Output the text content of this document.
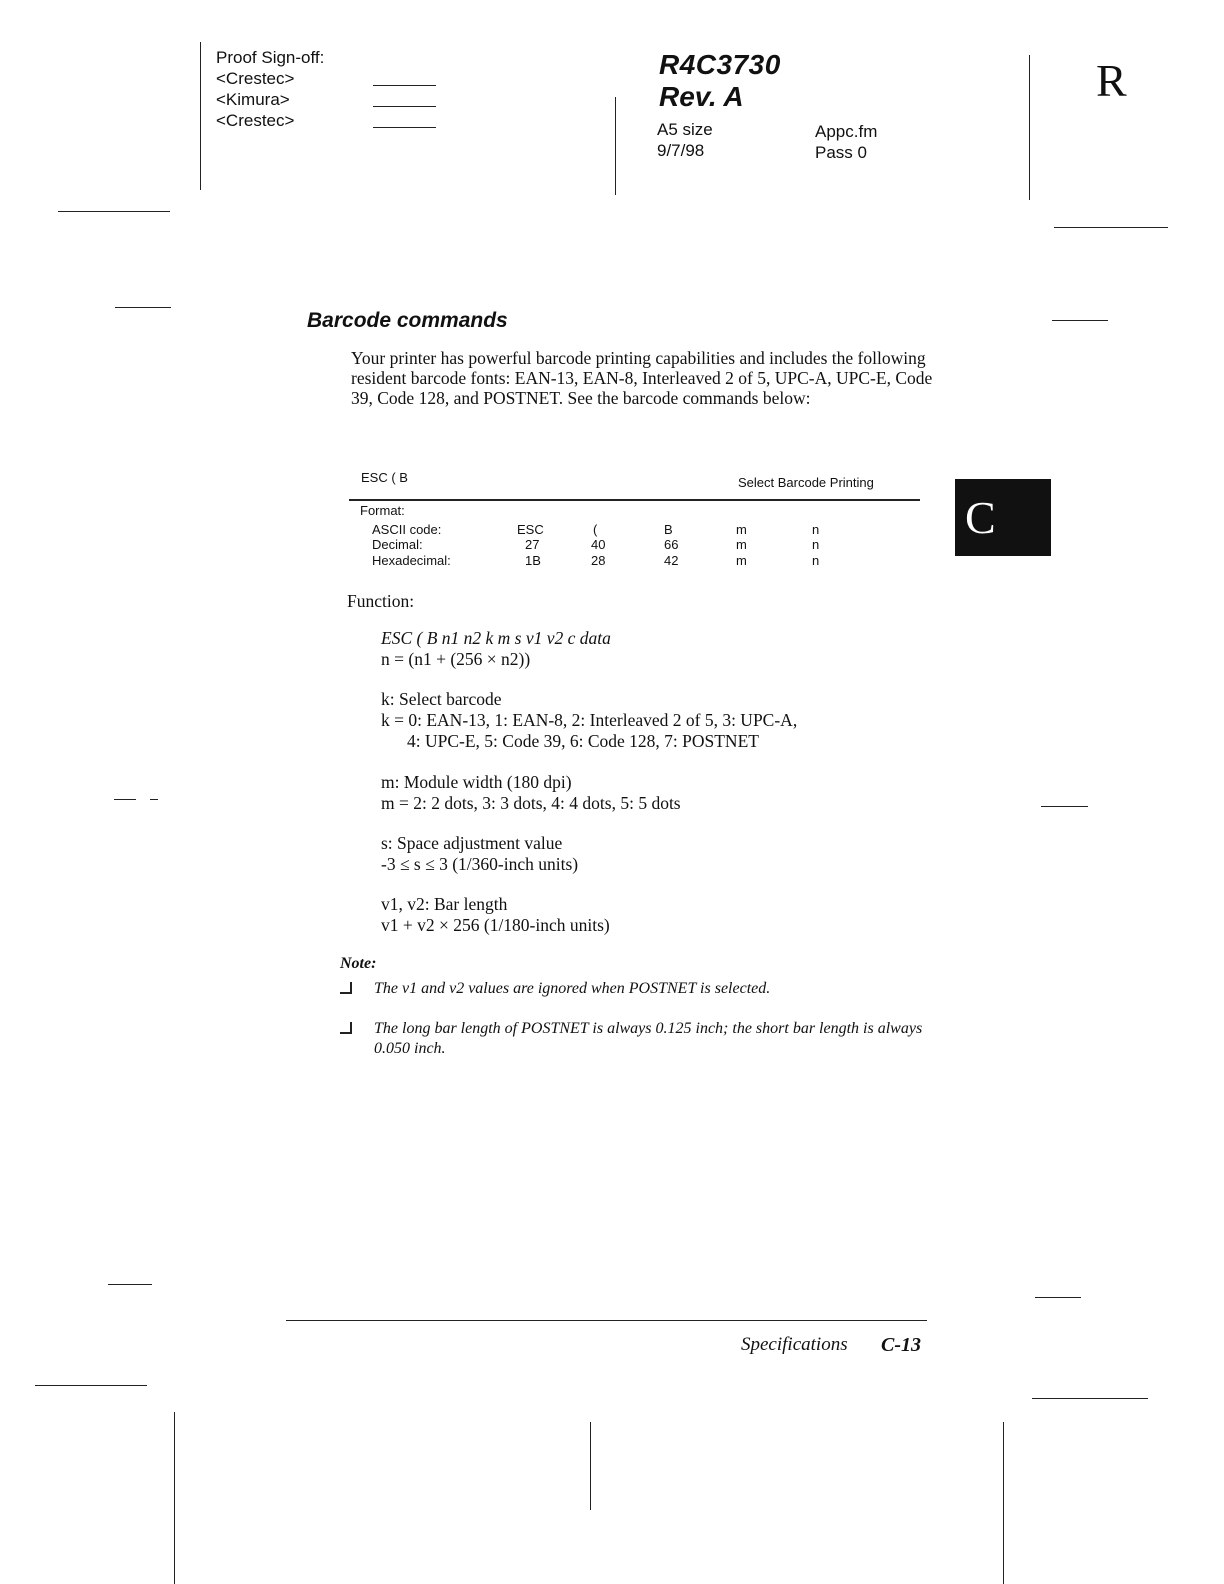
Proof Sign-off:
<Crestec>
<Kimura>
<Crestec>
R4C3730
Rev. A
A5 size
9/7/98
Appc.fm
Pass 0
R
Barcode commands
Your printer has powerful barcode printing capabilities and includes the following resident barcode fonts: EAN-13, EAN-8, Interleaved 2 of 5, UPC-A, UPC-E, Code 39, Code 128, and POSTNET. See the barcode commands below:
ESC ( B	Select Barcode Printing
Format:
ASCII code:	ESC	(	B	m	n
Decimal:	27	40	66	m	n
Hexadecimal:	1B	28	42	m	n
Function:
ESC ( B n1 n2 k m s v1 v2 c data
n = (n1 + (256 × n2))
k: Select barcode
k = 0: EAN-13, 1: EAN-8, 2: Interleaved 2 of 5, 3: UPC-A,
4: UPC-E, 5: Code 39, 6: Code 128, 7: POSTNET
m: Module width (180 dpi)
m = 2: 2 dots, 3: 3 dots, 4: 4 dots, 5: 5 dots
s: Space adjustment value
-3 ≤ s ≤ 3 (1/360-inch units)
v1, v2: Bar length
v1 + v2 × 256 (1/180-inch units)
Note:
The v1 and v2 values are ignored when POSTNET is selected.
The long bar length of POSTNET is always 0.125 inch; the short bar length is always 0.050 inch.
C
Specifications C-13
